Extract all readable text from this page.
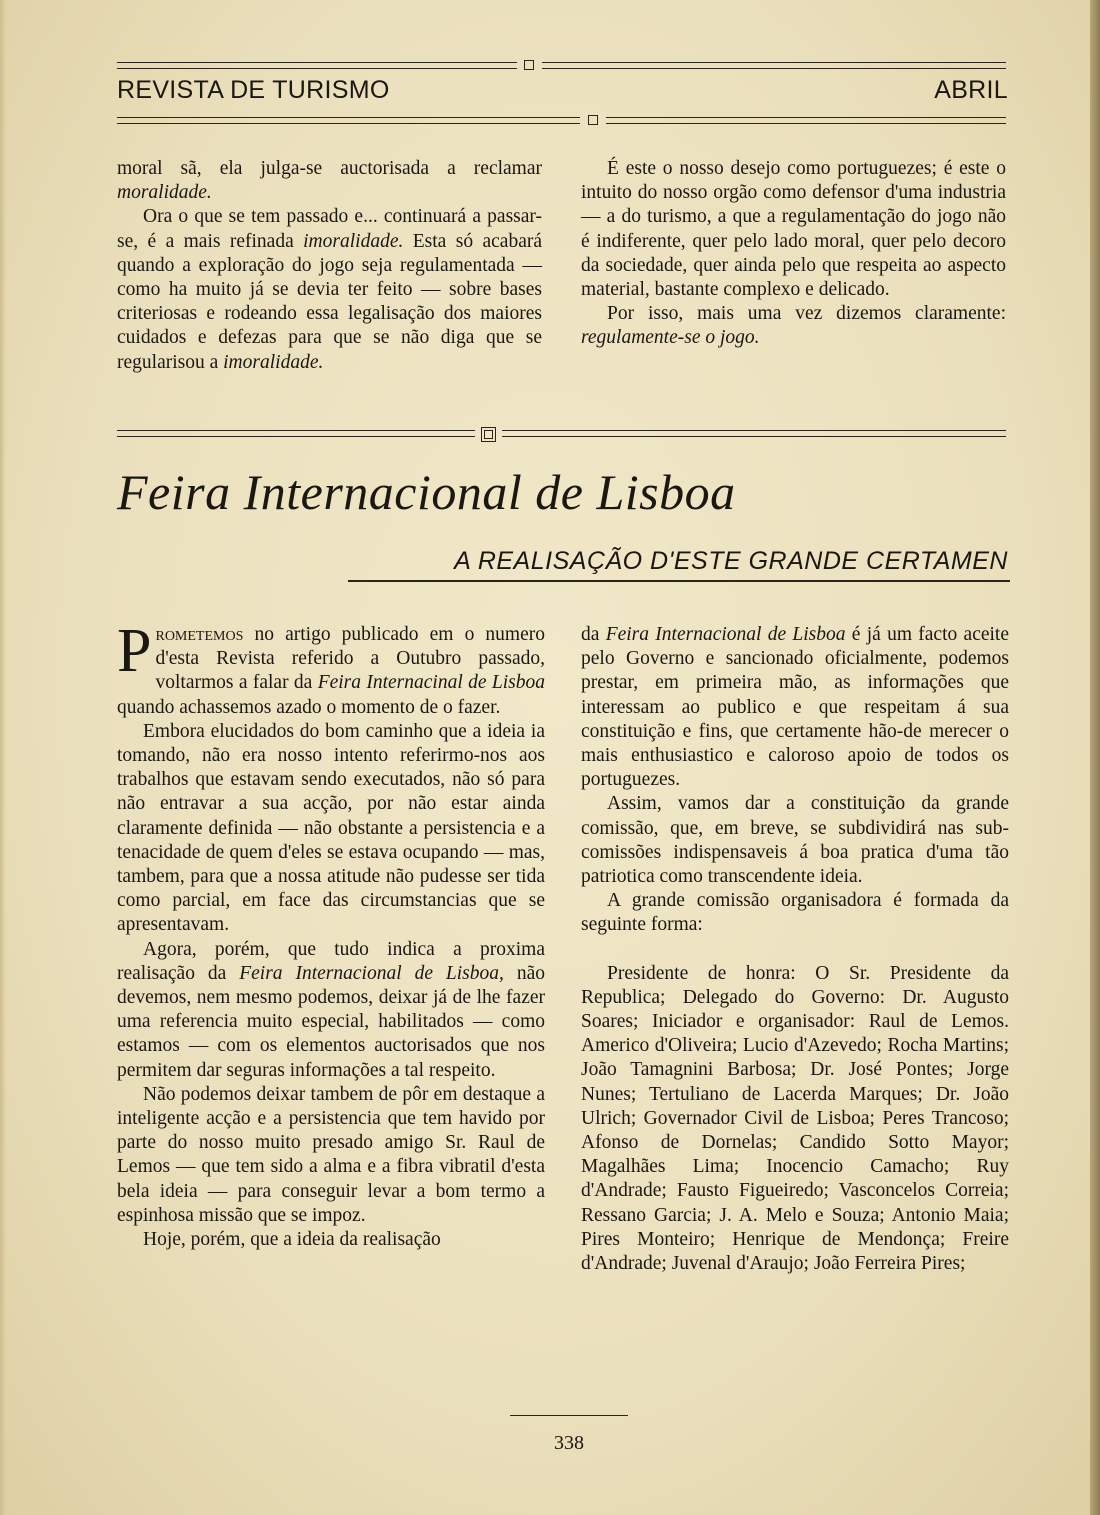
REVISTA DE TURISMO	ABRIL

moral sã, ela julga-se auctorisada a reclamar moralidade.

Ora o que se tem passado e... continuará a passar-se, é a mais refinada imoralidade. Esta só acabará quando a exploração do jogo seja regulamentada — como ha muito já se devia ter feito — sobre bases criteriosas e rodeando essa legalisação dos maiores cuidados e defezas para que se não diga que se regularisou a imoralidade.

É este o nosso desejo como portuguezes; é este o intuito do nosso orgão como defensor d'uma industria — a do turismo, a que a regulamentação do jogo não é indiferente, quer pelo lado moral, quer pelo decoro da sociedade, quer ainda pelo que respeita ao aspecto material, bastante complexo e delicado.

Por isso, mais uma vez dizemos claramente: regulamente-se o jogo.

Feira Internacional de Lisboa
A REALISAÇÃO D'ESTE GRANDE CERTAMEN

Prometemos no artigo publicado em o numero d'esta Revista referido a Outubro passado, voltarmos a falar da Feira Internacinal de Lisboa quando achassemos azado o momento de o fazer.

Embora elucidados do bom caminho que a ideia ia tomando, não era nosso intento referirmo-nos aos trabalhos que estavam sendo executados, não só para não entravar a sua acção, por não estar ainda claramente definida — não obstante a persistencia e a tenacidade de quem d'eles se estava ocupando — mas, tambem, para que a nossa atitude não pudesse ser tida como parcial, em face das circumstancias que se apresentavam.

Agora, porém, que tudo indica a proxima realisação da Feira Internacional de Lisboa, não devemos, nem mesmo podemos, deixar já de lhe fazer uma referencia muito especial, habilitados — como estamos — com os elementos auctorisados que nos permitem dar seguras informações a tal respeito.

Não podemos deixar tambem de pôr em destaque a inteligente acção e a persistencia que tem havido por parte do nosso muito presado amigo Sr. Raul de Lemos — que tem sido a alma e a fibra vibratil d'esta bela ideia — para conseguir levar a bom termo a espinhosa missão que se impoz.

Hoje, porém, que a ideia da realisação

da Feira Internacional de Lisboa é já um facto aceite pelo Governo e sancionado oficialmente, podemos prestar, em primeira mão, as informações que interessam ao publico e que respeitam á sua constituição e fins, que certamente hão-de merecer o mais enthusiastico e caloroso apoio de todos os portuguezes.

Assim, vamos dar a constituição da grande comissão, que, em breve, se subdividirá nas sub-comissões indispensaveis á boa pratica d'uma tão patriotica como transcendente ideia.

A grande comissão organisadora é formada da seguinte forma:

Presidente de honra: O Sr. Presidente da Republica; Delegado do Governo: Dr. Augusto Soares; Iniciador e organisador: Raul de Lemos. Americo d'Oliveira; Lucio d'Azevedo; Rocha Martins; João Tamagnini Barbosa; Dr. José Pontes; Jorge Nunes; Tertuliano de Lacerda Marques; Dr. João Ulrich; Governador Civil de Lisboa; Peres Trancoso; Afonso de Dornelas; Candido Sotto Mayor; Magalhães Lima; Inocencio Camacho; Ruy d'Andrade; Fausto Figueiredo; Vasconcelos Correia; Ressano Garcia; J. A. Melo e Souza; Antonio Maia; Pires Monteiro; Henrique de Mendonça; Freire d'Andrade; Juvenal d'Araujo; João Ferreira Pires;

338
